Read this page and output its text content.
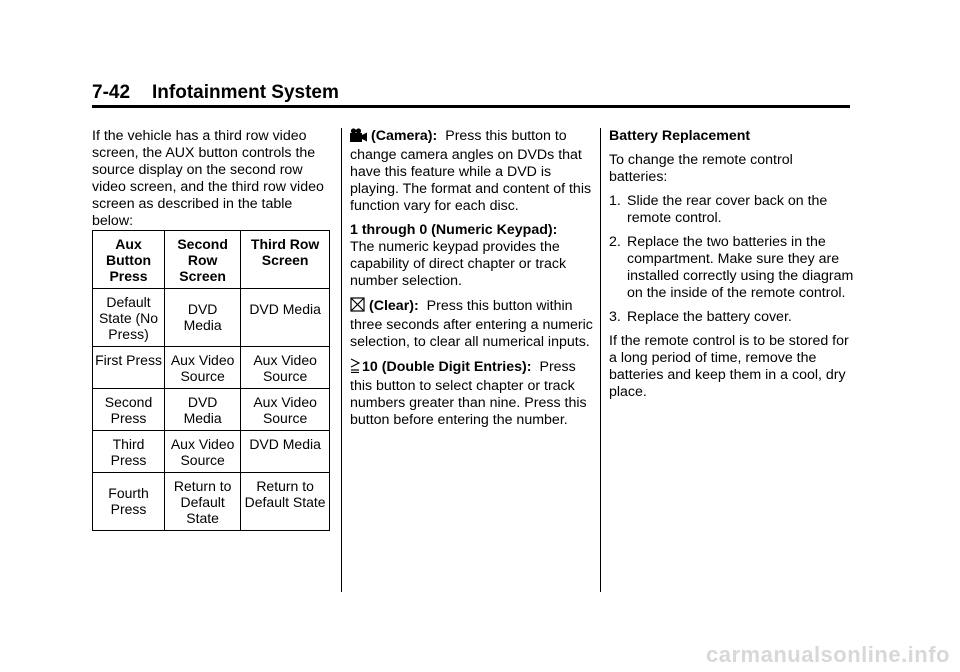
7-42 Infotainment System

If the vehicle has a third row video screen, the AUX button controls the source display on the second row video screen, and the third row video screen as described in the table below:

Aux Button Press	Second Row Screen	Third Row Screen
Default State (No Press)	DVD Media	DVD Media
First Press	Aux Video Source	Aux Video Source
Second Press	DVD Media	Aux Video Source
Third Press	Aux Video Source	DVD Media
Fourth Press	Return to Default State	Return to Default State

(Camera): Press this button to change camera angles on DVDs that have this feature while a DVD is playing. The format and content of this function vary for each disc.

1 through 0 (Numeric Keypad):
The numeric keypad provides the capability of direct chapter or track number selection.

(Clear): Press this button within three seconds after entering a numeric selection, to clear all numerical inputs.

10 (Double Digit Entries): Press this button to select chapter or track numbers greater than nine. Press this button before entering the number.

Battery Replacement

To change the remote control batteries:

1. Slide the rear cover back on the remote control.
2. Replace the two batteries in the compartment. Make sure they are installed correctly using the diagram on the inside of the remote control.
3. Replace the battery cover.

If the remote control is to be stored for a long period of time, remove the batteries and keep them in a cool, dry place.

carmanualsonline.info
